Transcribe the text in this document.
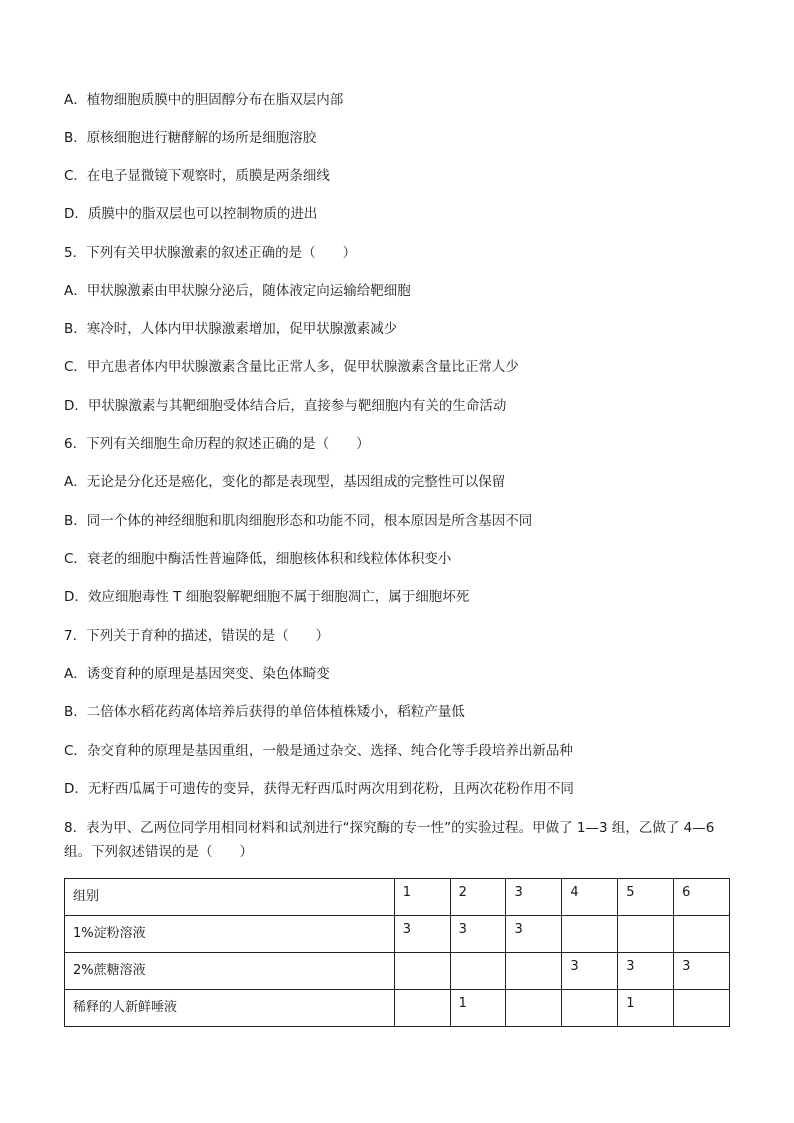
A．植物细胞质膜中的胆固醇分布在脂双层内部
B．原核细胞进行糖酵解的场所是细胞溶胶
C．在电子显微镜下观察时，质膜是两条细线
D．质膜中的脂双层也可以控制物质的进出
5．下列有关甲状腺激素的叙述正确的是（　　）
A．甲状腺激素由甲状腺分泌后，随体液定向运输给靶细胞
B．寒冷时，人体内甲状腺激素增加，促甲状腺激素减少
C．甲亢患者体内甲状腺激素含量比正常人多，促甲状腺激素含量比正常人少
D．甲状腺激素与其靶细胞受体结合后，直接参与靶细胞内有关的生命活动
6．下列有关细胞生命历程的叙述正确的是（　　）
A．无论是分化还是癌化，变化的都是表现型，基因组成的完整性可以保留
B．同一个体的神经细胞和肌肉细胞形态和功能不同，根本原因是所含基因不同
C．衰老的细胞中酶活性普遍降低，细胞核体积和线粒体体积变小
D．效应细胞毒性 T 细胞裂解靶细胞不属于细胞凋亡，属于细胞坏死
7．下列关于育种的描述，错误的是（　　）
A．诱变育种的原理是基因突变、染色体畸变
B．二倍体水稻花药离体培养后获得的单倍体植株矮小，稻粒产量低
C．杂交育种的原理是基因重组，一般是通过杂交、选择、纯合化等手段培养出新品种
D．无籽西瓜属于可遗传的变异，获得无籽西瓜时两次用到花粉，且两次花粉作用不同
8．表为甲、乙两位同学用相同材料和试剂进行“探究酶的专一性”的实验过程。甲做了 1—3 组，乙做了 4—6 组。下列叙述错误的是（　　）
组别	1	2	3	4	5	6
1%淀粉溶液	3	3	3			
2%蔗糖溶液				3	3	3
稀释的人新鲜唾液		1			1	
